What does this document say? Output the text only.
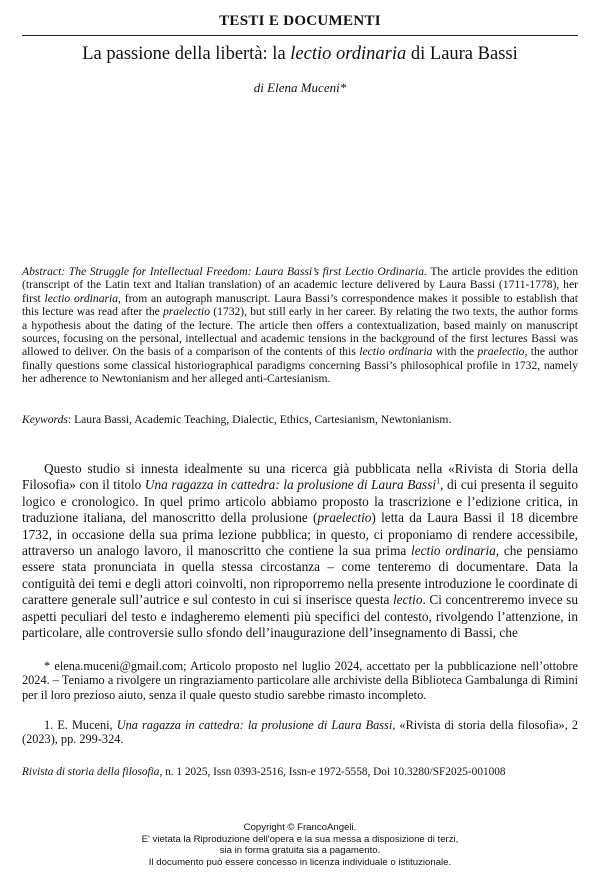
TESTI E DOCUMENTI
La passione della libertà: la lectio ordinaria di Laura Bassi
di Elena Muceni*
Abstract: The Struggle for Intellectual Freedom: Laura Bassi’s first Lectio Ordinaria. The article provides the edition (transcript of the Latin text and Italian translation) of an academic lecture delivered by Laura Bassi (1711-1778), her first lectio ordinaria, from an autograph manuscript. Laura Bassi’s correspondence makes it possible to establish that this lecture was read after the praelectio (1732), but still early in her career. By relating the two texts, the author forms a hypothesis about the dating of the lecture. The article then offers a contextualization, based mainly on manuscript sources, focusing on the personal, intellectual and academic tensions in the background of the first lectures Bassi was allowed to deliver. On the basis of a comparison of the contents of this lectio ordinaria with the praelectio, the author finally questions some classical historiographical paradigms concerning Bassi’s philosophical profile in 1732, namely her adherence to Newtonianism and her alleged anti-Cartesianism.
Keywords: Laura Bassi, Academic Teaching, Dialectic, Ethics, Cartesianism, Newtonianism.
Questo studio si innesta idealmente su una ricerca già pubblicata nella «Rivista di Storia della Filosofia» con il titolo Una ragazza in cattedra: la prolusione di Laura Bassi$^1$, di cui presenta il seguito logico e cronologico. In quel primo articolo abbiamo proposto la trascrizione e l’edizione critica, in traduzione italiana, del manoscritto della prolusione (praelectio) letta da Laura Bassi il 18 dicembre 1732, in occasione della sua prima lezione pubblica; in questo, ci proponiamo di rendere accessibile, attraverso un analogo lavoro, il manoscritto che contiene la sua prima lectio ordinaria, che pensiamo essere stata pronunciata in quella stessa circostanza – come tenteremo di documentare. Data la contiguità dei temi e degli attori coinvolti, non riproporremo nella presente introduzione le coordinate di carattere generale sull’autrice e sul contesto in cui si inserisce questa lectio. Ci concentreremo invece su aspetti peculiari del testo e indagheremo elementi più specifici del contesto, rivolgendo l’attenzione, in particolare, alle controversie sullo sfondo dell’inaugurazione dell’insegnamento di Bassi, che
* elena.muceni@gmail.com; Articolo proposto nel luglio 2024, accettato per la pubblicazione nell’ottobre 2024. – Teniamo a rivolgere un ringraziamento particolare alle archiviste della Biblioteca Gambalunga di Rimini per il loro prezioso aiuto, senza il quale questo studio sarebbe rimasto incompleto.
1. E. Muceni, Una ragazza in cattedra: la prolusione di Laura Bassi, «Rivista di storia della filosofia», 2 (2023), pp. 299-324.
Rivista di storia della filosofia, n. 1 2025, Issn 0393-2516, Issn-e 1972-5558, Doi 10.3280/SF2025-001008
Copyright © FrancoAngeli.
E' vietata la Riproduzione dell'opera e la sua messa a disposizione di terzi,
sia in forma gratuita sia a pagamento.
Il documento può essere concesso in licenza individuale o istituzionale.
